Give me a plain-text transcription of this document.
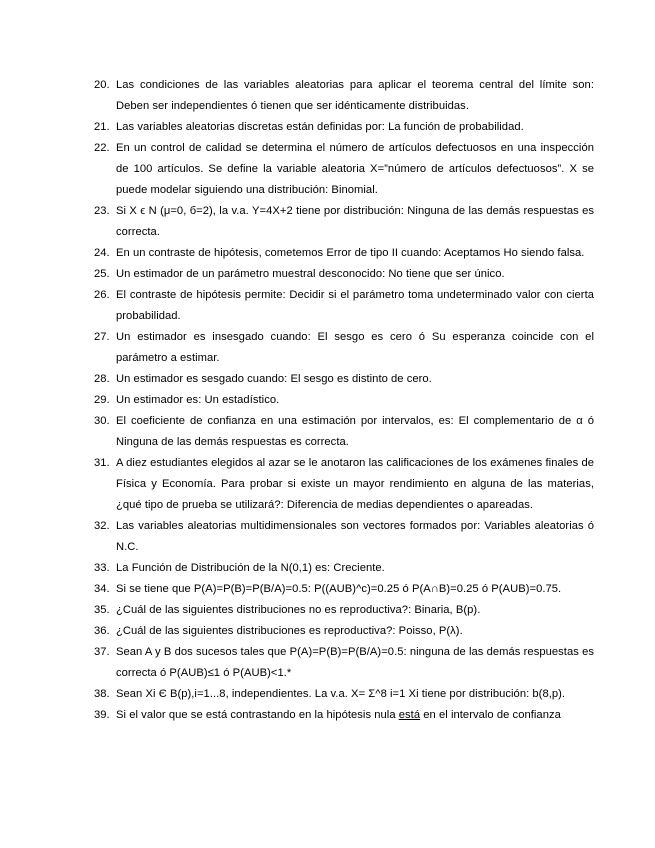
20. Las condiciones de las variables aleatorias para aplicar el teorema central del límite son: Deben ser independientes ó tienen que ser idénticamente distribuidas.
21. Las variables aleatorias discretas están definidas por: La función de probabilidad.
22. En un control de calidad se determina el número de artículos defectuosos en una inspección de 100 artículos. Se define la variable aleatoria X=”número de artículos defectuosos”. X se puede modelar siguiendo una distribución: Binomial.
23. Si X ϵ N (μ=0, б=2), la v.a. Y=4X+2 tiene por distribución: Ninguna de las demás respuestas es correcta.
24. En un contraste de hipótesis, cometemos Error de tipo II cuando: Aceptamos Ho siendo falsa.
25. Un estimador de un parámetro muestral desconocido: No tiene que ser único.
26. El contraste de hipótesis permite: Decidir si el parámetro toma undeterminado valor con cierta probabilidad.
27. Un estimador es insesgado cuando: El sesgo es cero ó Su esperanza coincide con el parámetro a estimar.
28. Un estimador es sesgado cuando: El sesgo es distinto de cero.
29. Un estimador es: Un estadístico.
30. El coeficiente de confianza en una estimación por intervalos, es: El complementario de α ó Ninguna de las demás respuestas es correcta.
31. A diez estudiantes elegidos al azar se le anotaron las calificaciones de los exámenes finales de Física y Economía. Para probar si existe un mayor rendimiento en alguna de las materias, ¿qué tipo de prueba se utilizará?: Diferencia de medias dependientes o apareadas.
32. Las variables aleatorias multidimensionales son vectores formados por: Variables aleatorias ó N.C.
33. La Función de Distribución de la N(0,1) es: Creciente.
34. Si se tiene que P(A)=P(B)=P(B/A)=0.5: P((AUB)^c)=0.25 ó P(A∩B)=0.25 ó P(AUB)=0.75.
35. ¿Cuál de las siguientes distribuciones no es reproductiva?: Binaria, B(p).
36. ¿Cuál de las siguientes distribuciones es reproductiva?: Poisso, P(λ).
37. Sean A y B dos sucesos tales que P(A)=P(B)=P(B/A)=0.5: ninguna de las demás respuestas es correcta ó P(AUB)≤1 ó P(AUB)<1.*
38. Sean Xi Є B(p),i=1...8, independientes. La v.a. X= Σ^8 i=1 Xi tiene por distribución: b(8,p).
39. Si el valor que se está contrastando en la hipótesis nula está en el intervalo de confianza
